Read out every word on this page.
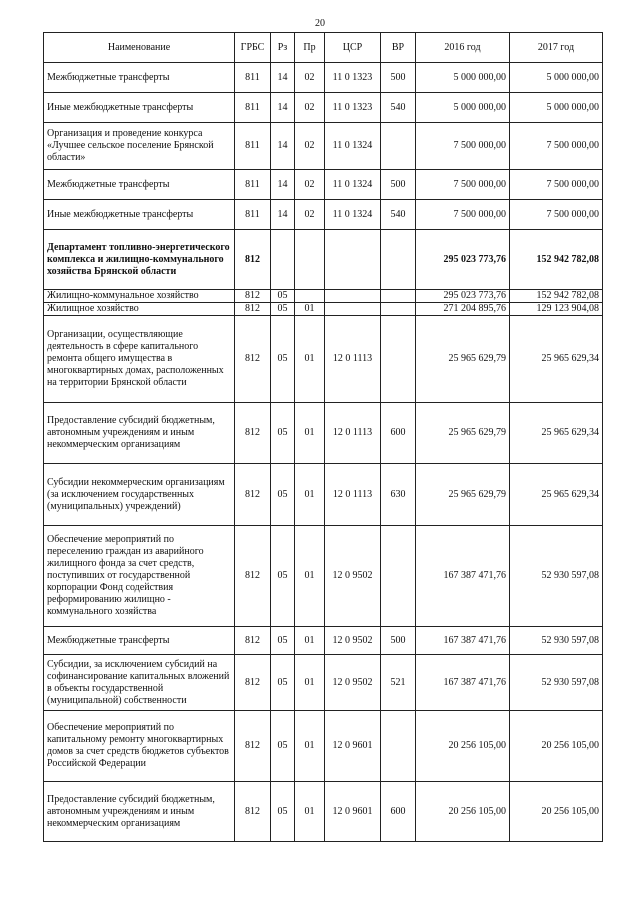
20
Наименование	ГРБС	Рз	Пр	ЦСР	ВР	2016 год	2017 год
Межбюджетные трансферты	811	14	02	11 0 1323	500	5 000 000,00	5 000 000,00
Иные межбюджетные трансферты	811	14	02	11 0 1323	540	5 000 000,00	5 000 000,00
Организация и проведение конкурса «Лучшее сельское поселение Брянской области»	811	14	02	11 0 1324		7 500 000,00	7 500 000,00
Межбюджетные трансферты	811	14	02	11 0 1324	500	7 500 000,00	7 500 000,00
Иные межбюджетные трансферты	811	14	02	11 0 1324	540	7 500 000,00	7 500 000,00
Департамент топливно-энергетического комплекса и жилищно-коммунального хозяйства Брянской области	812					295 023 773,76	152 942 782,08
Жилищно-коммунальное хозяйство	812	05				295 023 773,76	152 942 782,08
Жилищное хозяйство	812	05	01			271 204 895,76	129 123 904,08
Организации, осуществляющие деятельность в сфере капитального ремонта общего имущества в многоквартирных домах, расположенных на территории Брянской области	812	05	01	12 0 1113		25 965 629,79	25 965 629,34
Предоставление субсидий бюджетным, автономным учреждениям и иным некоммерческим организациям	812	05	01	12 0 1113	600	25 965 629,79	25 965 629,34
Субсидии некоммерческим организациям (за исключением государственных (муниципальных) учреждений)	812	05	01	12 0 1113	630	25 965 629,79	25 965 629,34
Обеспечение мероприятий по переселению граждан из аварийного жилищного фонда за счет средств, поступивших от государственной корпорации Фонд содействия реформированию жилищно - коммунального хозяйства	812	05	01	12 0 9502		167 387 471,76	52 930 597,08
Межбюджетные трансферты	812	05	01	12 0 9502	500	167 387 471,76	52 930 597,08
Субсидии, за исключением субсидий на софинансирование капитальных вложений в объекты государственной (муниципальной) собственности	812	05	01	12 0 9502	521	167 387 471,76	52 930 597,08
Обеспечение мероприятий по капитальному ремонту многоквартирных домов за счет средств бюджетов субъектов Российской Федерации	812	05	01	12 0 9601		20 256 105,00	20 256 105,00
Предоставление субсидий бюджетным, автономным учреждениям и иным некоммерческим организациям	812	05	01	12 0 9601	600	20 256 105,00	20 256 105,00
